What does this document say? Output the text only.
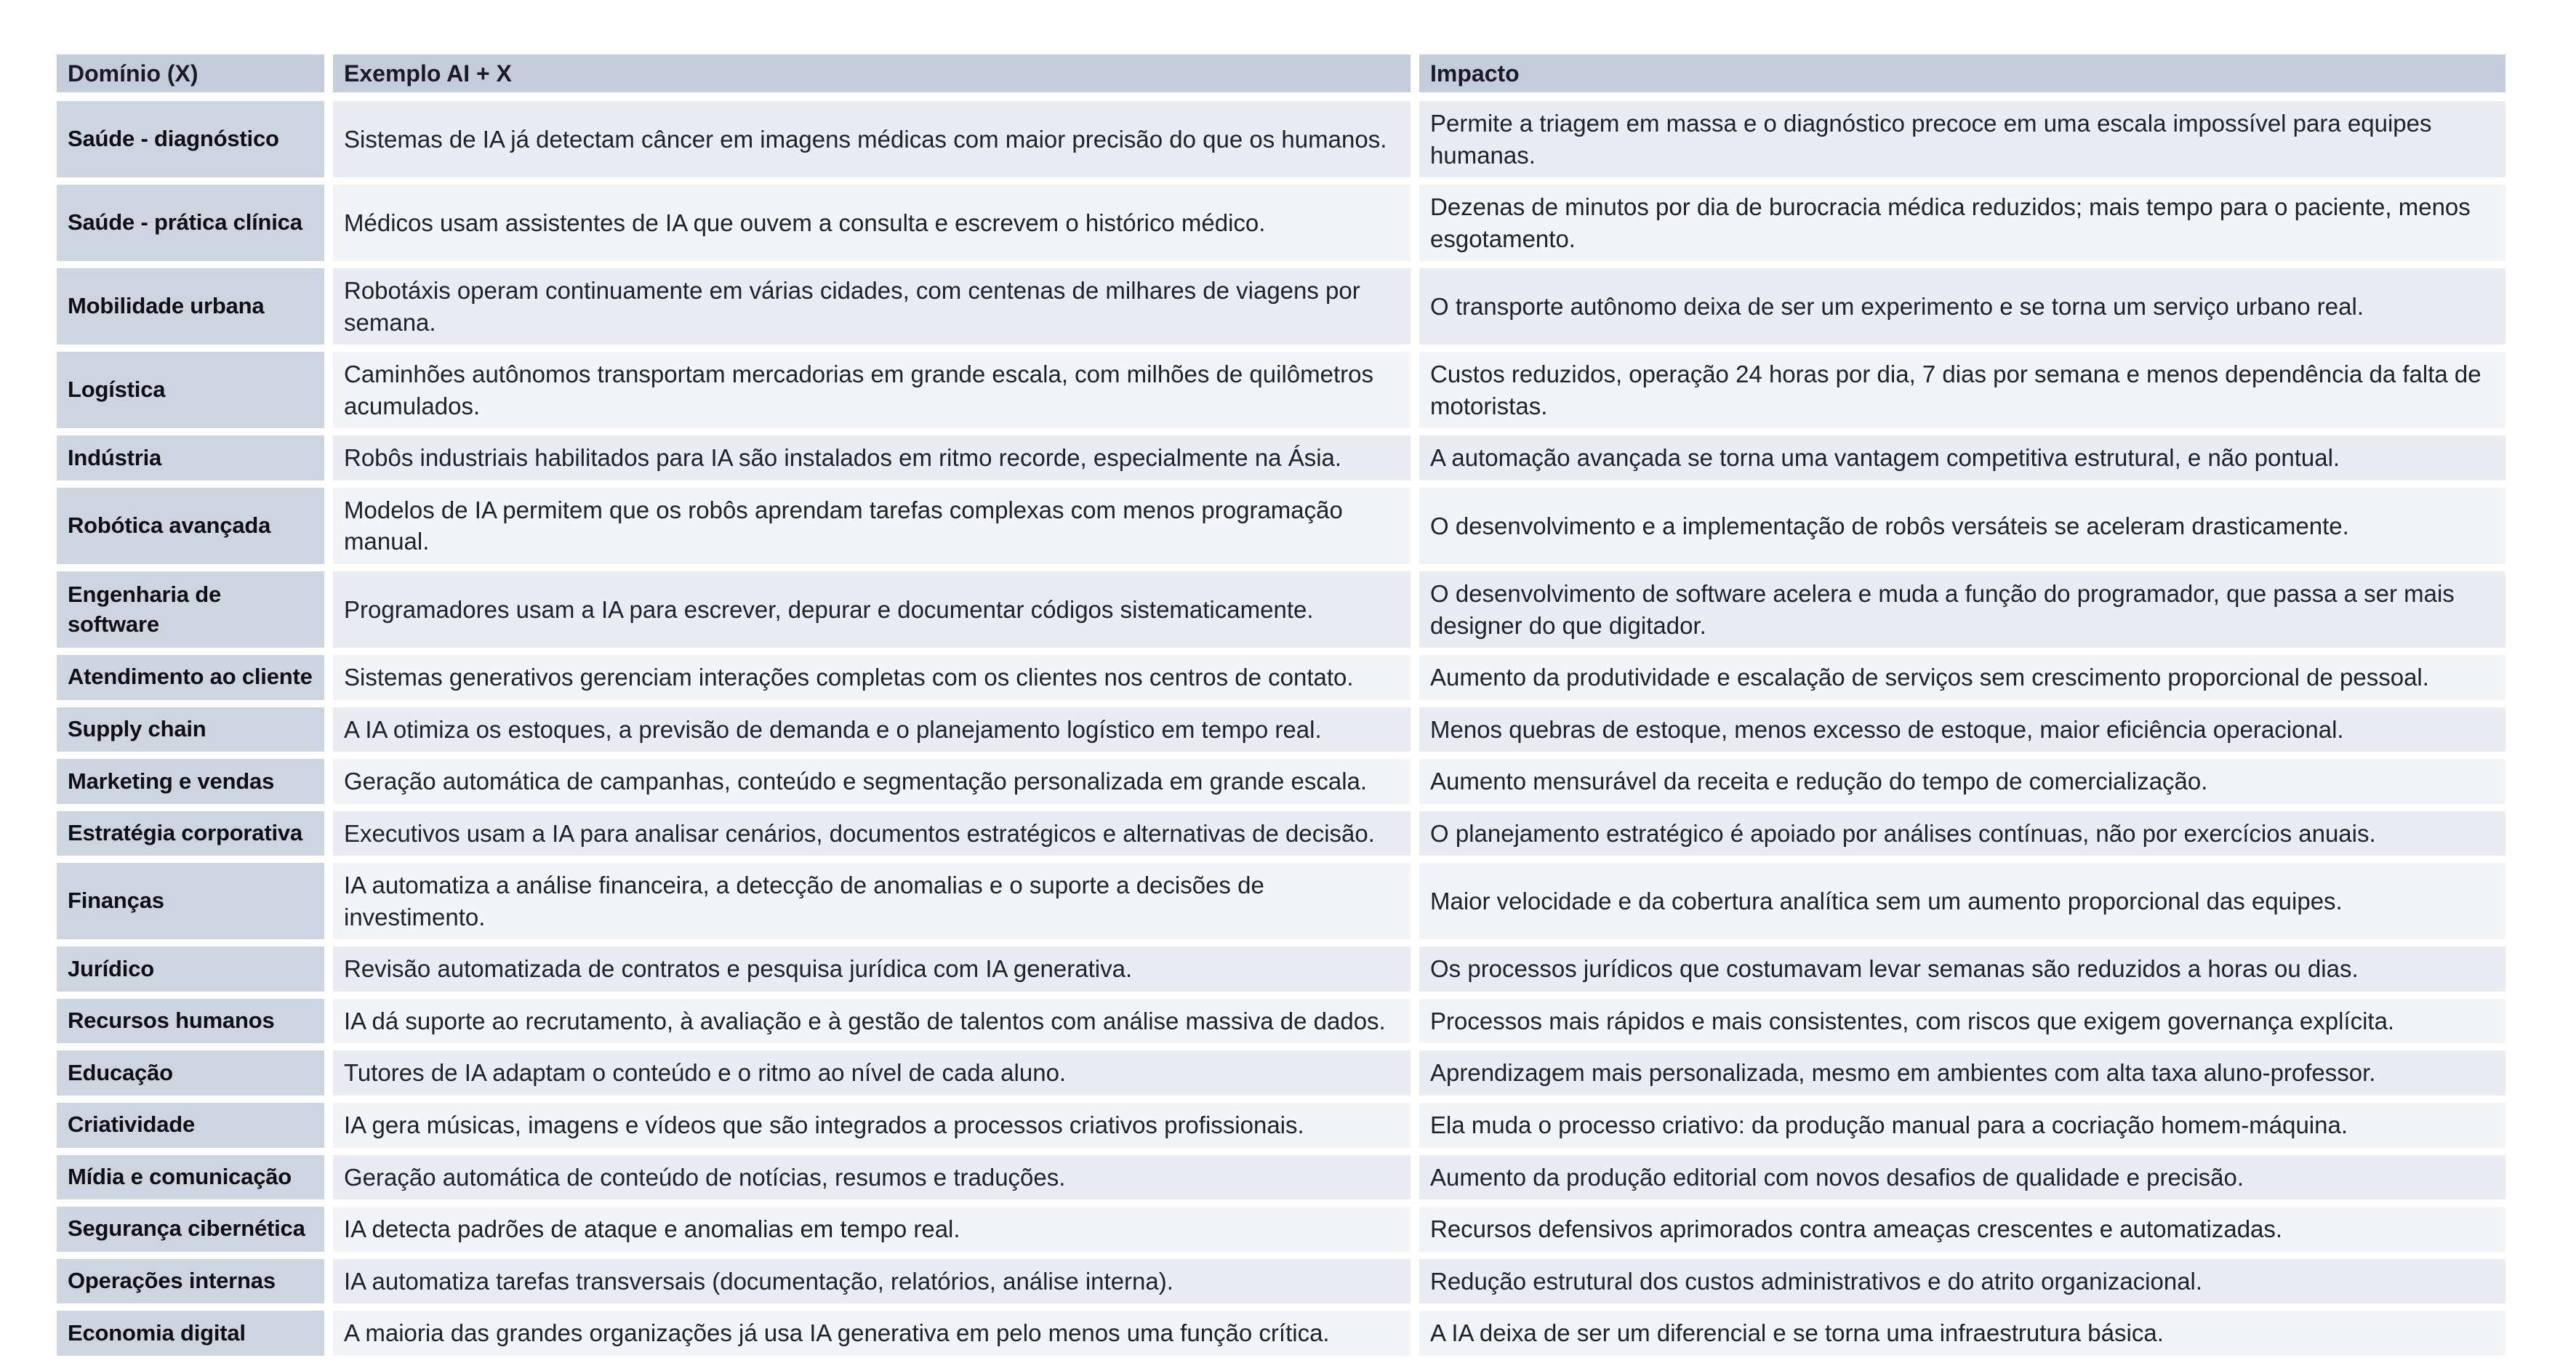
Domínio (X)	Exemplo AI + X	Impacto
Saúde - diagnóstico	Sistemas de IA já detectam câncer em imagens médicas com maior precisão do que os humanos.	Permite a triagem em massa e o diagnóstico precoce em uma escala impossível para equipes humanas.
Saúde - prática clínica	Médicos usam assistentes de IA que ouvem a consulta e escrevem o histórico médico.	Dezenas de minutos por dia de burocracia médica reduzidos; mais tempo para o paciente, menos esgotamento.
Mobilidade urbana	Robotáxis operam continuamente em várias cidades, com centenas de milhares de viagens por semana.	O transporte autônomo deixa de ser um experimento e se torna um serviço urbano real.
Logística	Caminhões autônomos transportam mercadorias em grande escala, com milhões de quilômetros acumulados.	Custos reduzidos, operação 24 horas por dia, 7 dias por semana e menos dependência da falta de motoristas.
Indústria	Robôs industriais habilitados para IA são instalados em ritmo recorde, especialmente na Ásia.	A automação avançada se torna uma vantagem competitiva estrutural, e não pontual.
Robótica avançada	Modelos de IA permitem que os robôs aprendam tarefas complexas com menos programação manual.	O desenvolvimento e a implementação de robôs versáteis se aceleram drasticamente.
Engenharia de software	Programadores usam a IA para escrever, depurar e documentar códigos sistematicamente.	O desenvolvimento de software acelera e muda a função do programador, que passa a ser mais designer do que digitador.
Atendimento ao cliente	Sistemas generativos gerenciam interações completas com os clientes nos centros de contato.	Aumento da produtividade e escalação de serviços sem crescimento proporcional de pessoal.
Supply chain	A IA otimiza os estoques, a previsão de demanda e o planejamento logístico em tempo real.	Menos quebras de estoque, menos excesso de estoque, maior eficiência operacional.
Marketing e vendas	Geração automática de campanhas, conteúdo e segmentação personalizada em grande escala.	Aumento mensurável da receita e redução do tempo de comercialização.
Estratégia corporativa	Executivos usam a IA para analisar cenários, documentos estratégicos e alternativas de decisão.	O planejamento estratégico é apoiado por análises contínuas, não por exercícios anuais.
Finanças	IA automatiza a análise financeira, a detecção de anomalias e o suporte a decisões de investimento.	Maior velocidade e da cobertura analítica sem um aumento proporcional das equipes.
Jurídico	Revisão automatizada de contratos e pesquisa jurídica com IA generativa.	Os processos jurídicos que costumavam levar semanas são reduzidos a horas ou dias.
Recursos humanos	IA dá suporte ao recrutamento, à avaliação e à gestão de talentos com análise massiva de dados.	Processos mais rápidos e mais consistentes, com riscos que exigem governança explícita.
Educação	Tutores de IA adaptam o conteúdo e o ritmo ao nível de cada aluno.	Aprendizagem mais personalizada, mesmo em ambientes com alta taxa aluno-professor.
Criatividade	IA gera músicas, imagens e vídeos que são integrados a processos criativos profissionais.	Ela muda o processo criativo: da produção manual para a cocriação homem-máquina.
Mídia e comunicação	Geração automática de conteúdo de notícias, resumos e traduções.	Aumento da produção editorial com novos desafios de qualidade e precisão.
Segurança cibernética	IA detecta padrões de ataque e anomalias em tempo real.	Recursos defensivos aprimorados contra ameaças crescentes e automatizadas.
Operações internas	IA automatiza tarefas transversais (documentação, relatórios, análise interna).	Redução estrutural dos custos administrativos e do atrito organizacional.
Economia digital	A maioria das grandes organizações já usa IA generativa em pelo menos uma função crítica.	A IA deixa de ser um diferencial e se torna uma infraestrutura básica.
